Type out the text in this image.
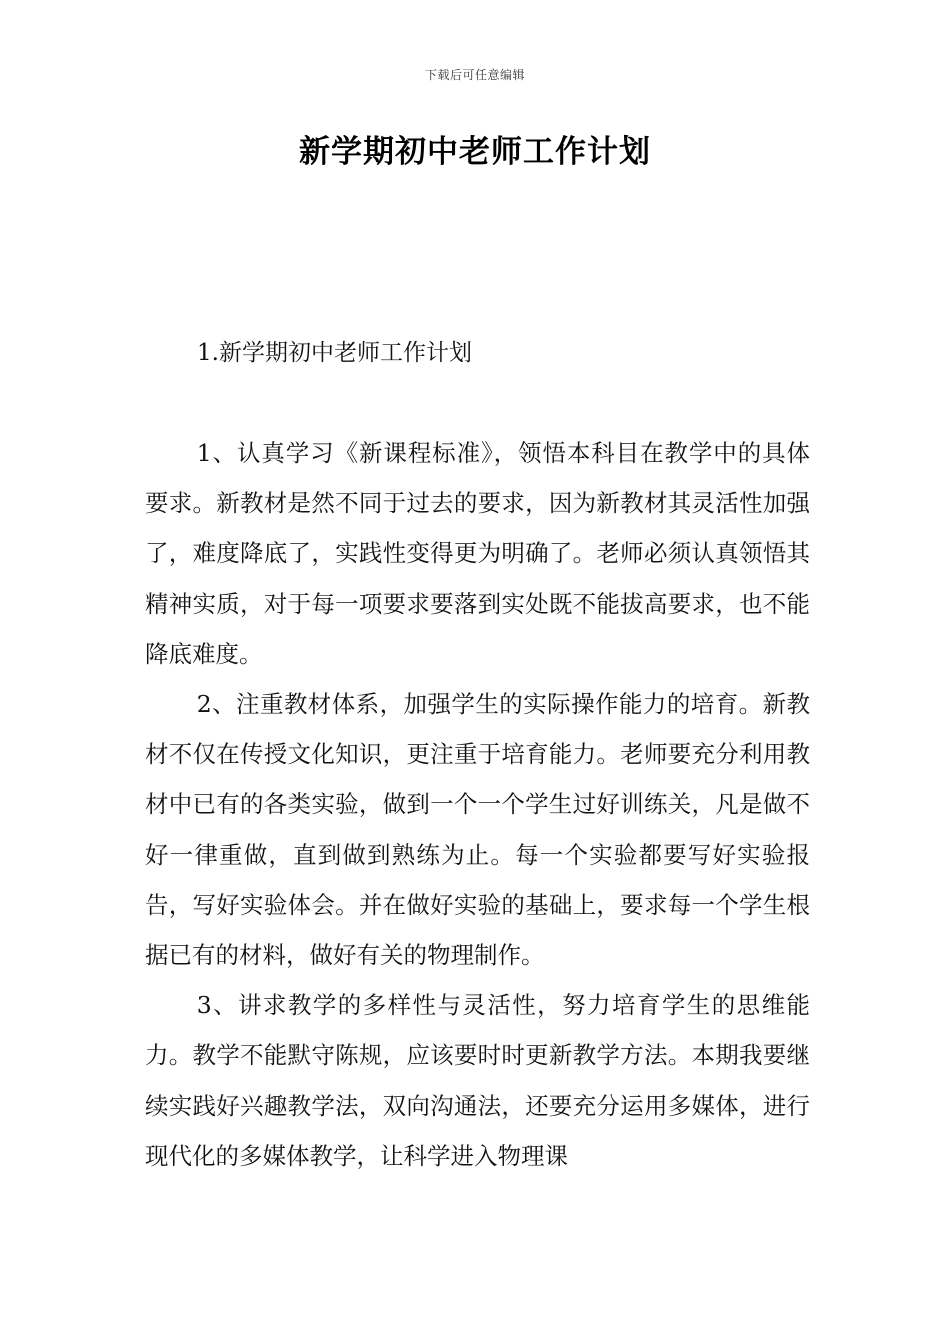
下载后可任意编辑
新学期初中老师工作计划
1.新学期初中老师工作计划

1、认真学习《新课程标准》，领悟本科目在教学中的具体要求。新教材是然不同于过去的要求，因为新教材其灵活性加强了，难度降底了，实践性变得更为明确了。老师必须认真领悟其精神实质，对于每一项要求要落到实处既不能拔高要求，也不能降底难度。

2、注重教材体系，加强学生的实际操作能力的培育。新教材不仅在传授文化知识，更注重于培育能力。老师要充分利用教材中已有的各类实验，做到一个一个学生过好训练关，凡是做不好一律重做，直到做到熟练为止。每一个实验都要写好实验报告，写好实验体会。并在做好实验的基础上，要求每一个学生根据已有的材料，做好有关的物理制作。

3、讲求教学的多样性与灵活性，努力培育学生的思维能力。教学不能默守陈规，应该要时时更新教学方法。本期我要继续实践好兴趣教学法，双向沟通法，还要充分运用多媒体，进行现代化的多媒体教学，让科学进入物理课
